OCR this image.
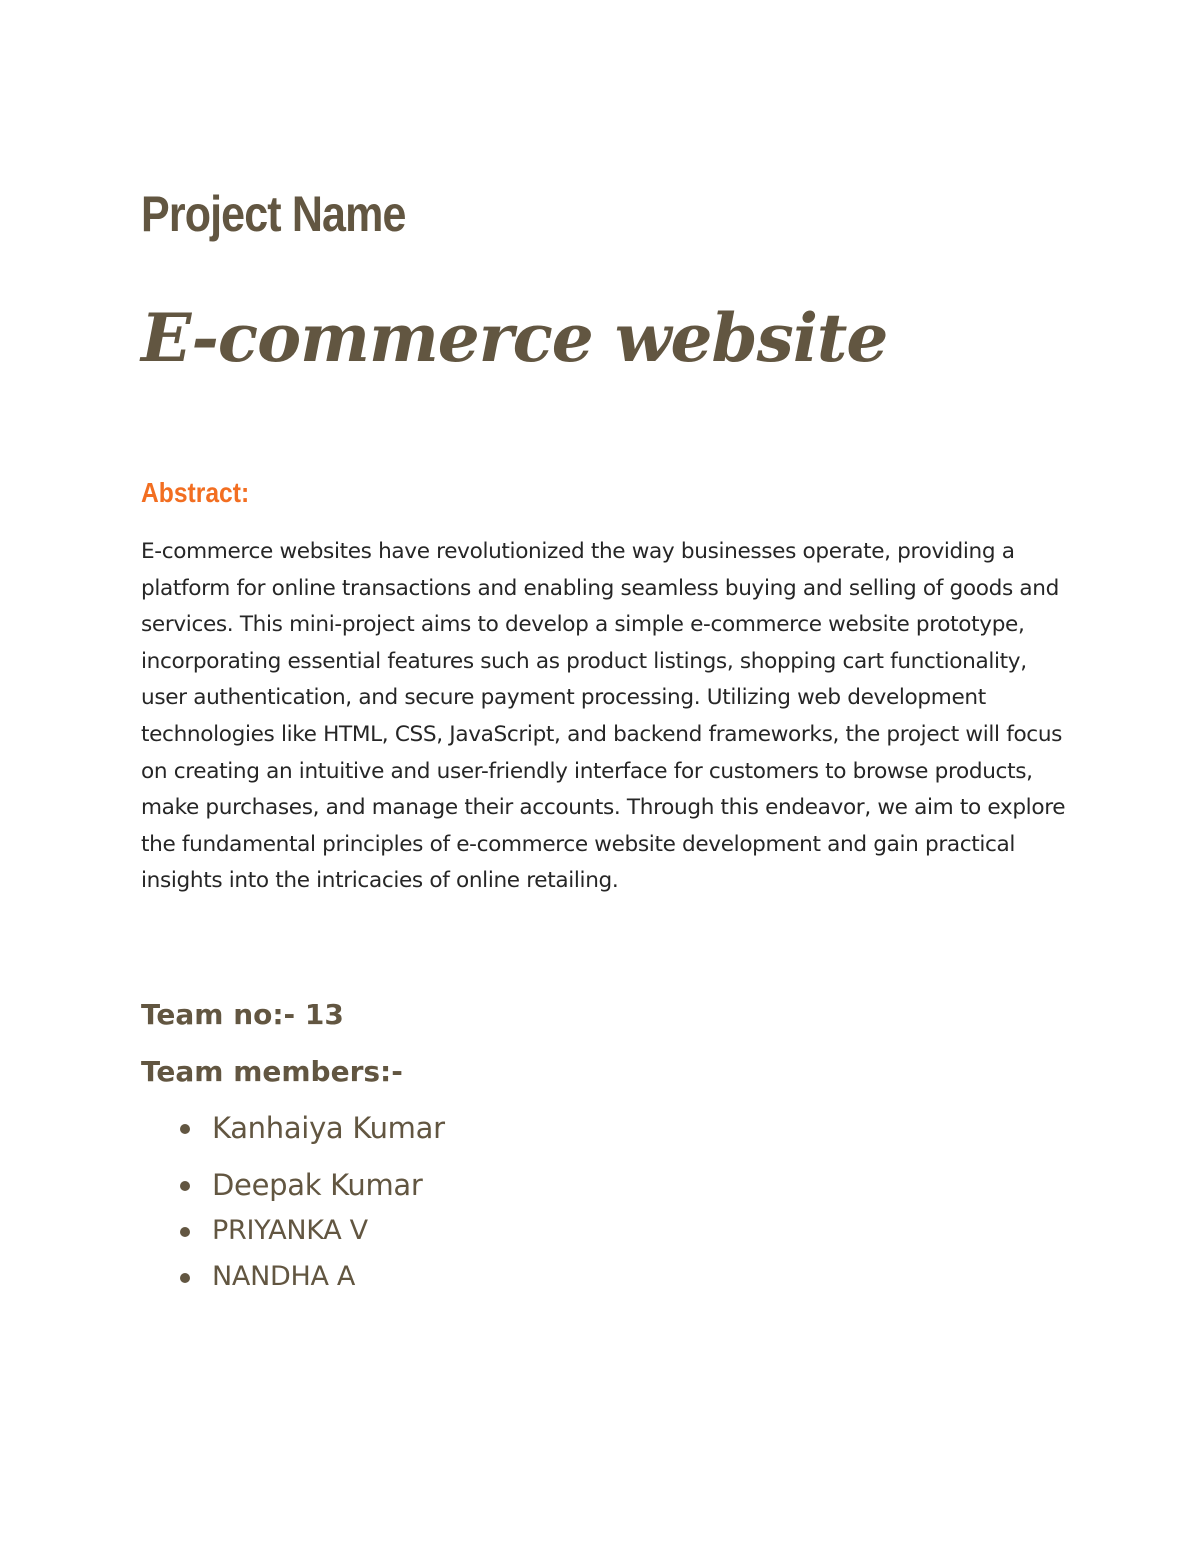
Project Name
E-commerce website
Abstract:

E-commerce websites have revolutionized the way businesses operate, providing a platform for online transactions and enabling seamless buying and selling of goods and services. This mini-project aims to develop a simple e-commerce website prototype, incorporating essential features such as product listings, shopping cart functionality, user authentication, and secure payment processing. Utilizing web development technologies like HTML, CSS, JavaScript, and backend frameworks, the project will focus on creating an intuitive and user-friendly interface for customers to browse products, make purchases, and manage their accounts. Through this endeavor, we aim to explore the fundamental principles of e-commerce website development and gain practical insights into the intricacies of online retailing.

Team no:- 13
Team members:-
Kanhaiya Kumar
Deepak Kumar
PRIYANKA V
NANDHA A
